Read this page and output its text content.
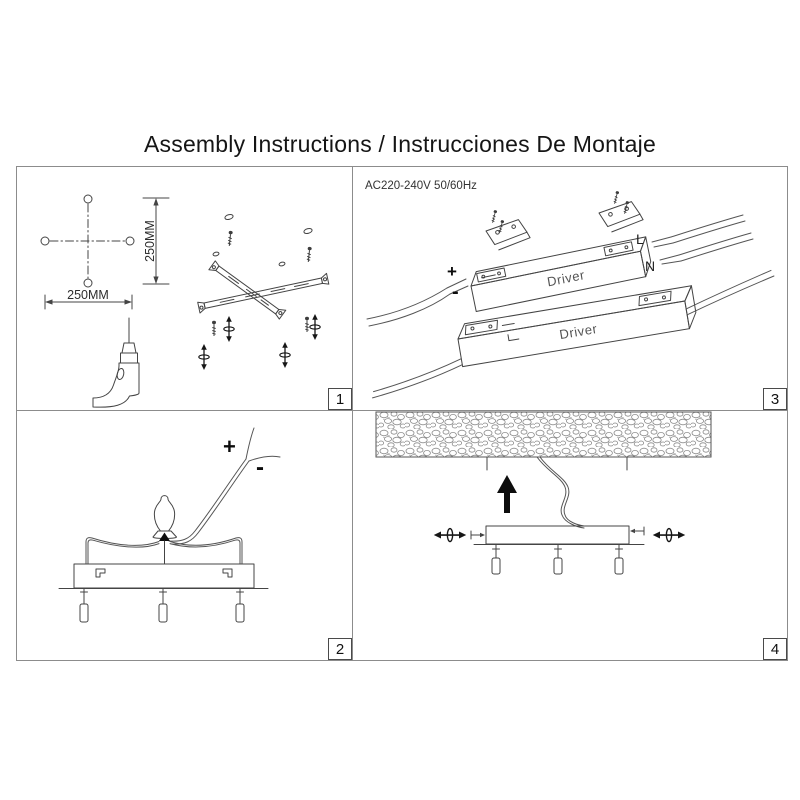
Assembly Instructions / Instrucciones De Montaje
250MM
250MM
1
AC220-240V 50/60Hz
Driver
+
-
L
N
Driver
3
+
-
2	4
